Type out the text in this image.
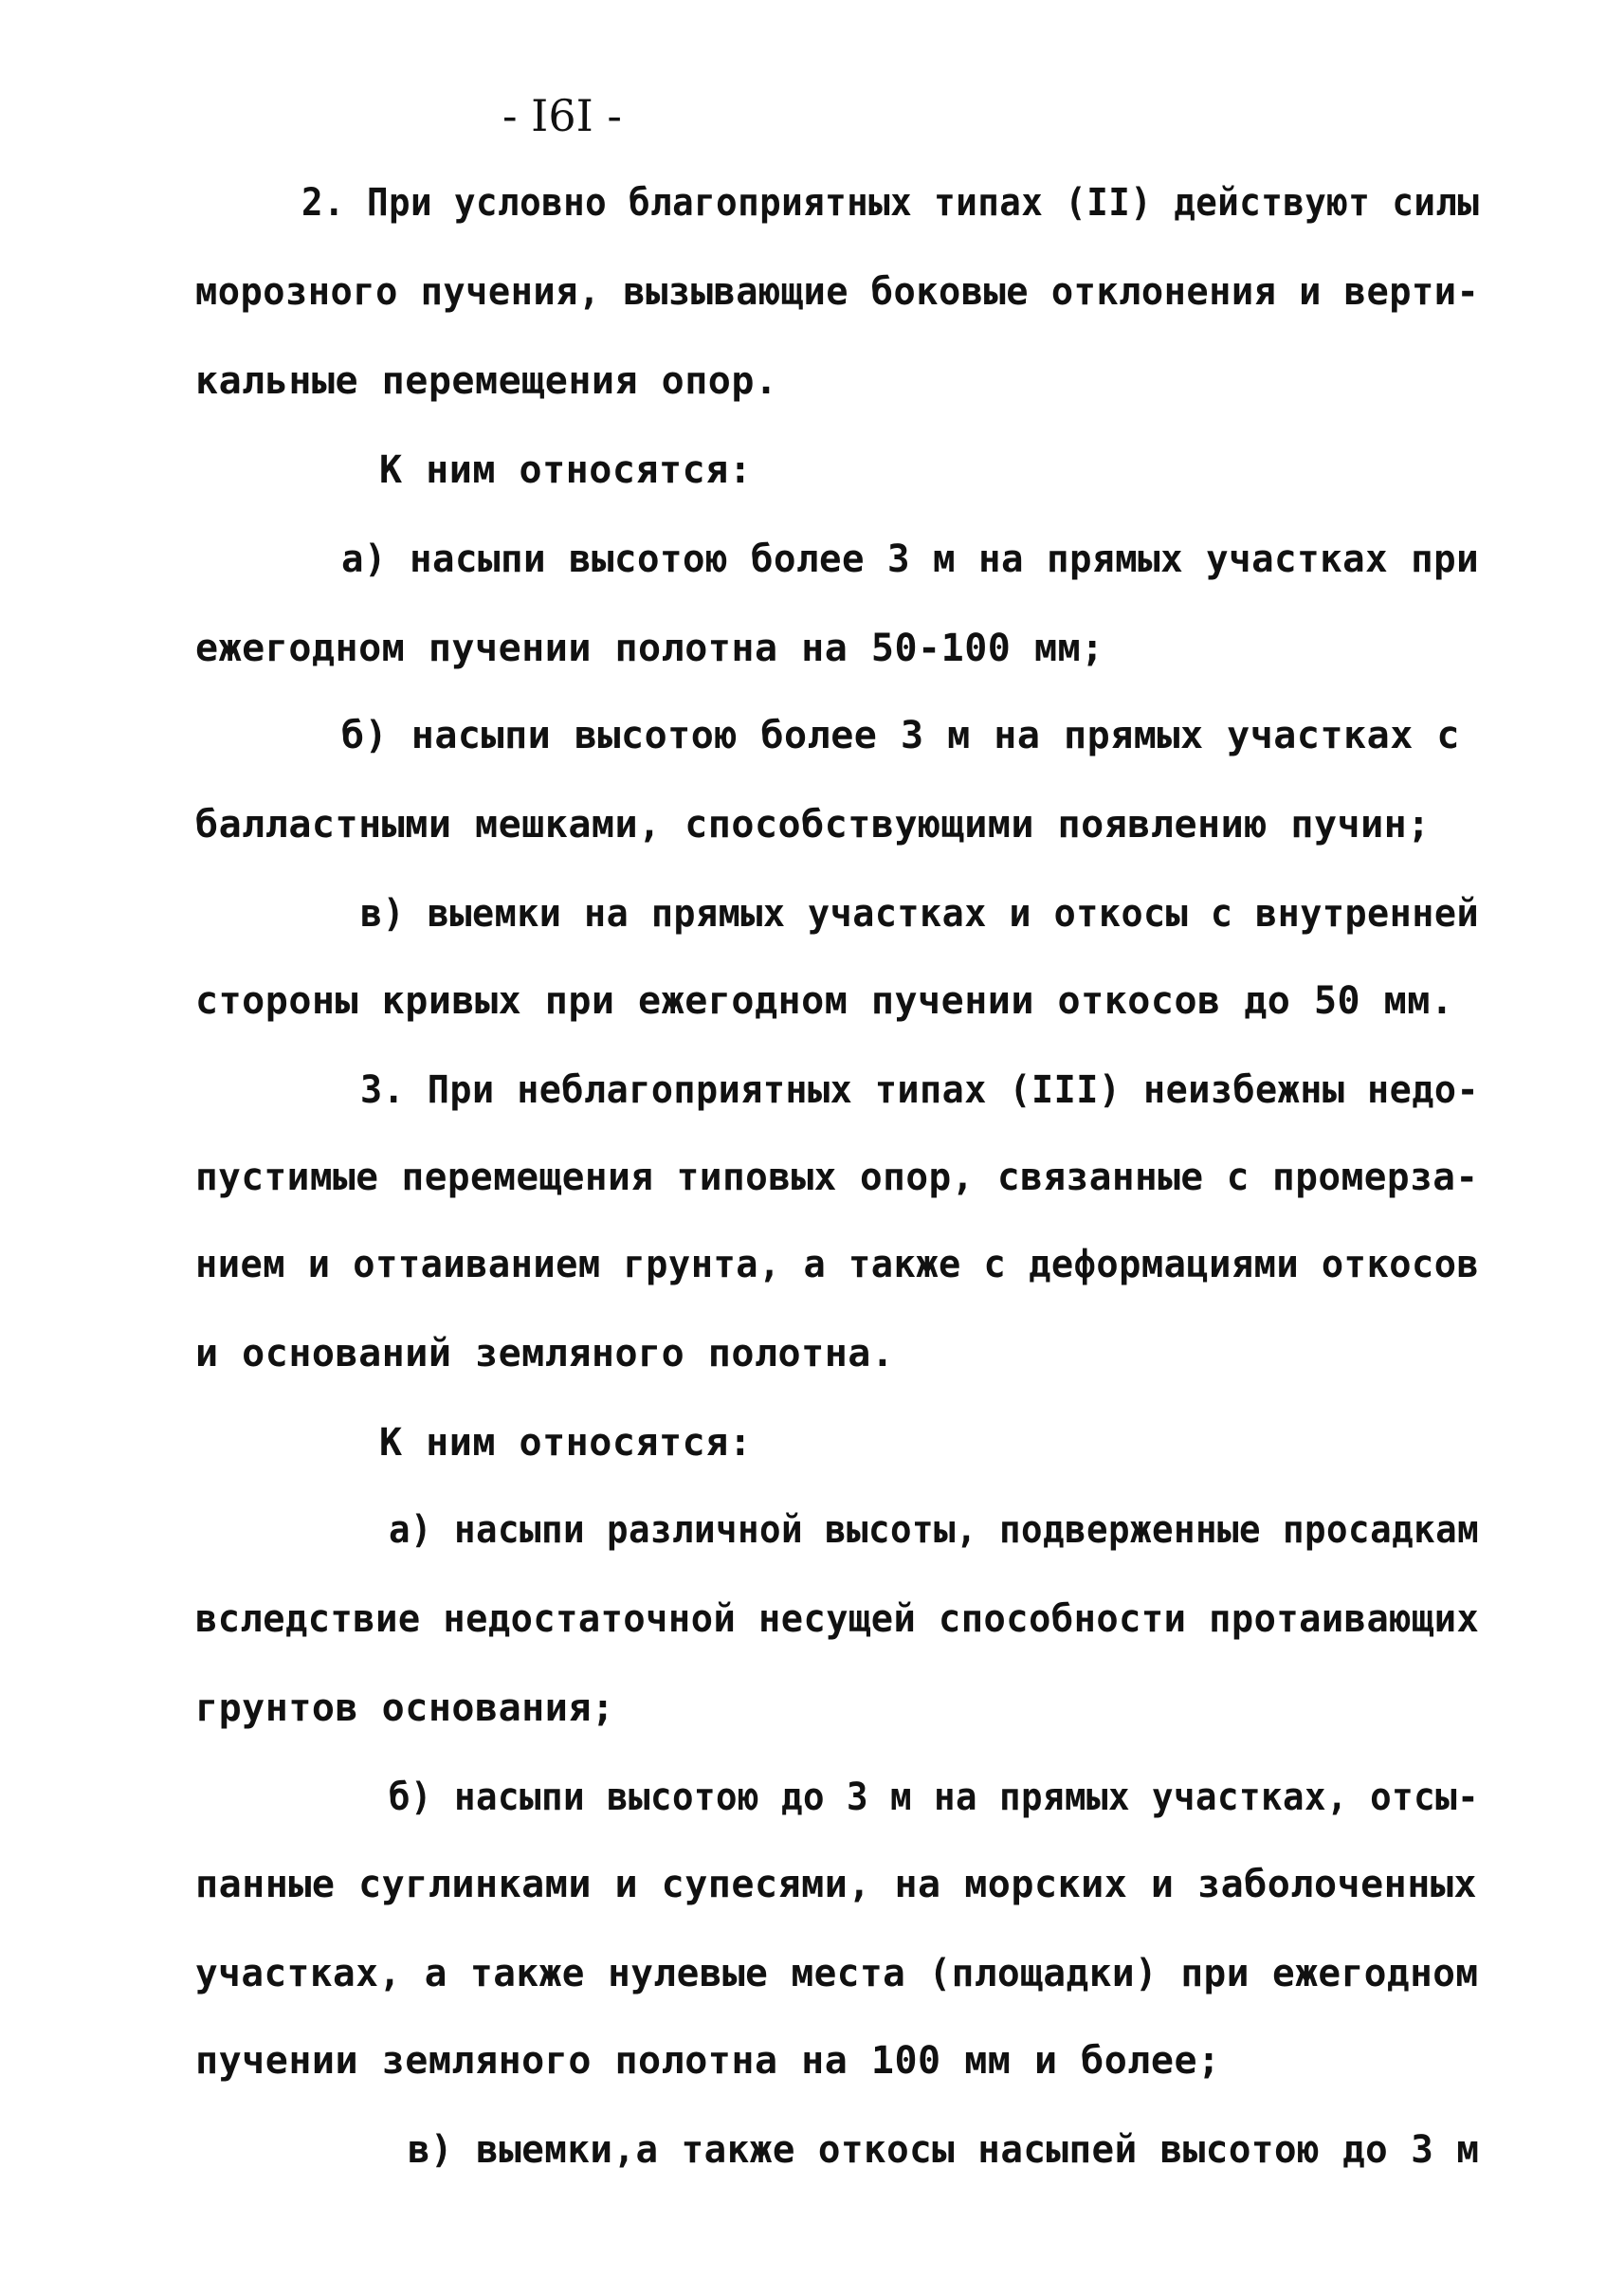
- I6I -
2. При условно благоприятных типах (II) действуют силы
морозного пучения, вызывающие боковые отклонения и верти-
кальные перемещения опор.
К ним относятся:
а) насыпи высотою более 3 м на прямых участках при
ежегодном пучении полотна на 50-100 мм;
б) насыпи высотою более 3 м на прямых участках с
балластными мешками, способствующими появлению пучин;
в) выемки на прямых участках и откосы с внутренней
стороны кривых при ежегодном пучении откосов до 50 мм.
3. При неблагоприятных типах (III) неизбежны недо-
пустимые перемещения типовых опор, связанные с промерза-
нием и оттаиванием грунта, а также с деформациями откосов
и оснований земляного полотна.
К ним относятся:
а) насыпи различной высоты, подверженные просадкам
вследствие недостаточной несущей способности протаивающих
грунтов основания;
б) насыпи высотою до 3 м на прямых участках, отсы-
панные суглинками и супесями, на морских и заболоченных
участках, а также нулевые места (площадки) при ежегодном
пучении земляного полотна на 100 мм и более;
в) выемки,а также откосы насыпей высотою до 3 м
